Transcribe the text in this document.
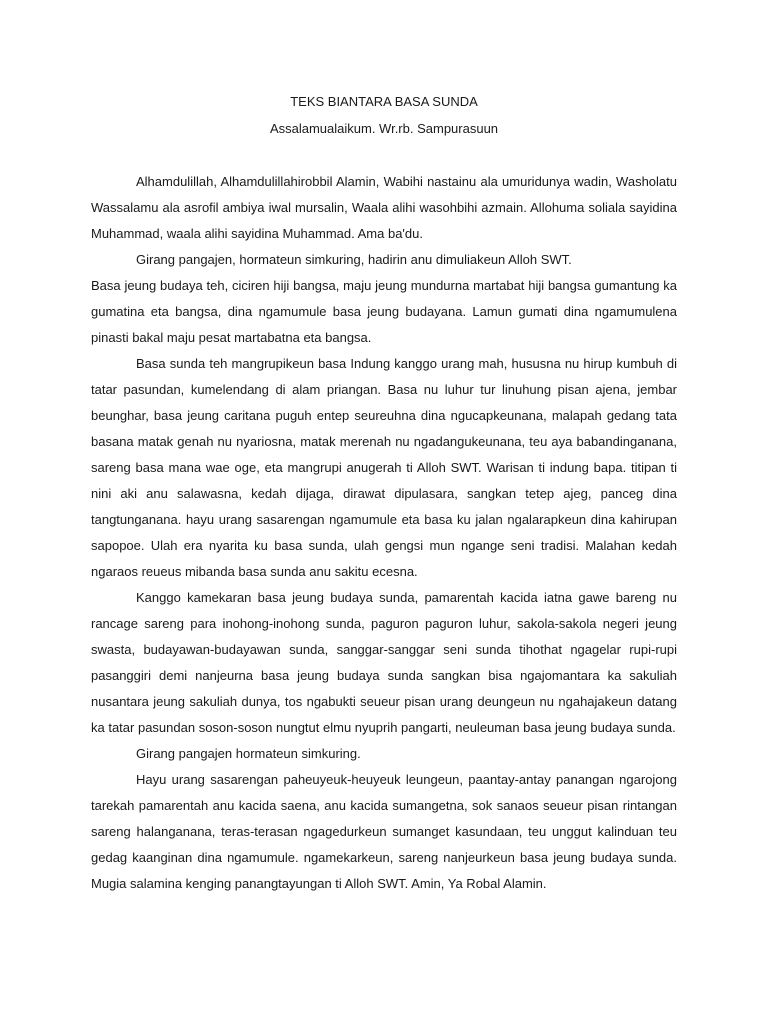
TEKS BIANTARA BASA SUNDA
Assalamualaikum. Wr.rb. Sampurasuun

Alhamdulillah, Alhamdulillahirobbil Alamin, Wabihi nastainu ala umuridunya wadin, Washolatu Wassalamu ala asrofil ambiya iwal mursalin, Waala alihi wasohbihi azmain. Allohuma soliala sayidina Muhammad, waala alihi sayidina Muhammad. Ama ba'du.

Girang pangajen, hormateun simkuring, hadirin anu dimuliakeun Alloh SWT.

Basa jeung budaya teh, ciciren hiji bangsa, maju jeung mundurna martabat hiji bangsa gumantung ka gumatina eta bangsa, dina ngamumule basa jeung budayana. Lamun gumati dina ngamumulena pinasti bakal maju pesat martabatna eta bangsa.

Basa sunda teh mangrupikeun basa Indung kanggo urang mah, hususna nu hirup kumbuh di tatar pasundan, kumelendang di alam priangan. Basa nu luhur tur linuhung pisan ajena, jembar beunghar, basa jeung caritana puguh entep seureuhna dina ngucapkeunana, malapah gedang tata basana matak genah nu nyariosna, matak merenah nu ngadangukeunana, teu aya babandinganana, sareng basa mana wae oge, eta mangrupi anugerah ti Alloh SWT. Warisan ti indung bapa. titipan ti nini aki anu salawasna, kedah dijaga, dirawat dipulasara, sangkan tetep ajeg, panceg dina tangtunganana. hayu urang sasarengan ngamumule eta basa ku jalan ngalarapkeun dina kahirupan sapopoe. Ulah era nyarita ku basa sunda, ulah gengsi mun ngange seni tradisi. Malahan kedah ngaraos reueus mibanda basa sunda anu sakitu ecesna.

Kanggo kamekaran basa jeung budaya sunda, pamarentah kacida iatna gawe bareng nu rancage sareng para inohong-inohong sunda, paguron paguron luhur, sakola-sakola negeri jeung swasta, budayawan-budayawan sunda, sanggar-sanggar seni sunda tihothat ngagelar rupi-rupi pasanggiri demi nanjeurna basa jeung budaya sunda sangkan bisa ngajomantara ka sakuliah nusantara jeung sakuliah dunya, tos ngabukti seueur pisan urang deungeun nu ngahajakeun datang ka tatar pasundan soson-soson nungtut elmu nyuprih pangarti, neuleuman basa jeung budaya sunda.

Girang pangajen hormateun simkuring.

Hayu urang sasarengan paheuyeuk-heuyeuk leungeun, paantay-antay panangan ngarojong tarekah pamarentah anu kacida saena, anu kacida sumangetna, sok sanaos seueur pisan rintangan sareng halanganana, teras-terasan ngagedurkeun sumanget kasundaan, teu unggut kalinduan teu gedag kaanginan dina ngamumule. ngamekarkeun, sareng nanjeurkeun basa jeung budaya sunda. Mugia salamina kenging panangtayungan ti Alloh SWT. Amin, Ya Robal Alamin.
